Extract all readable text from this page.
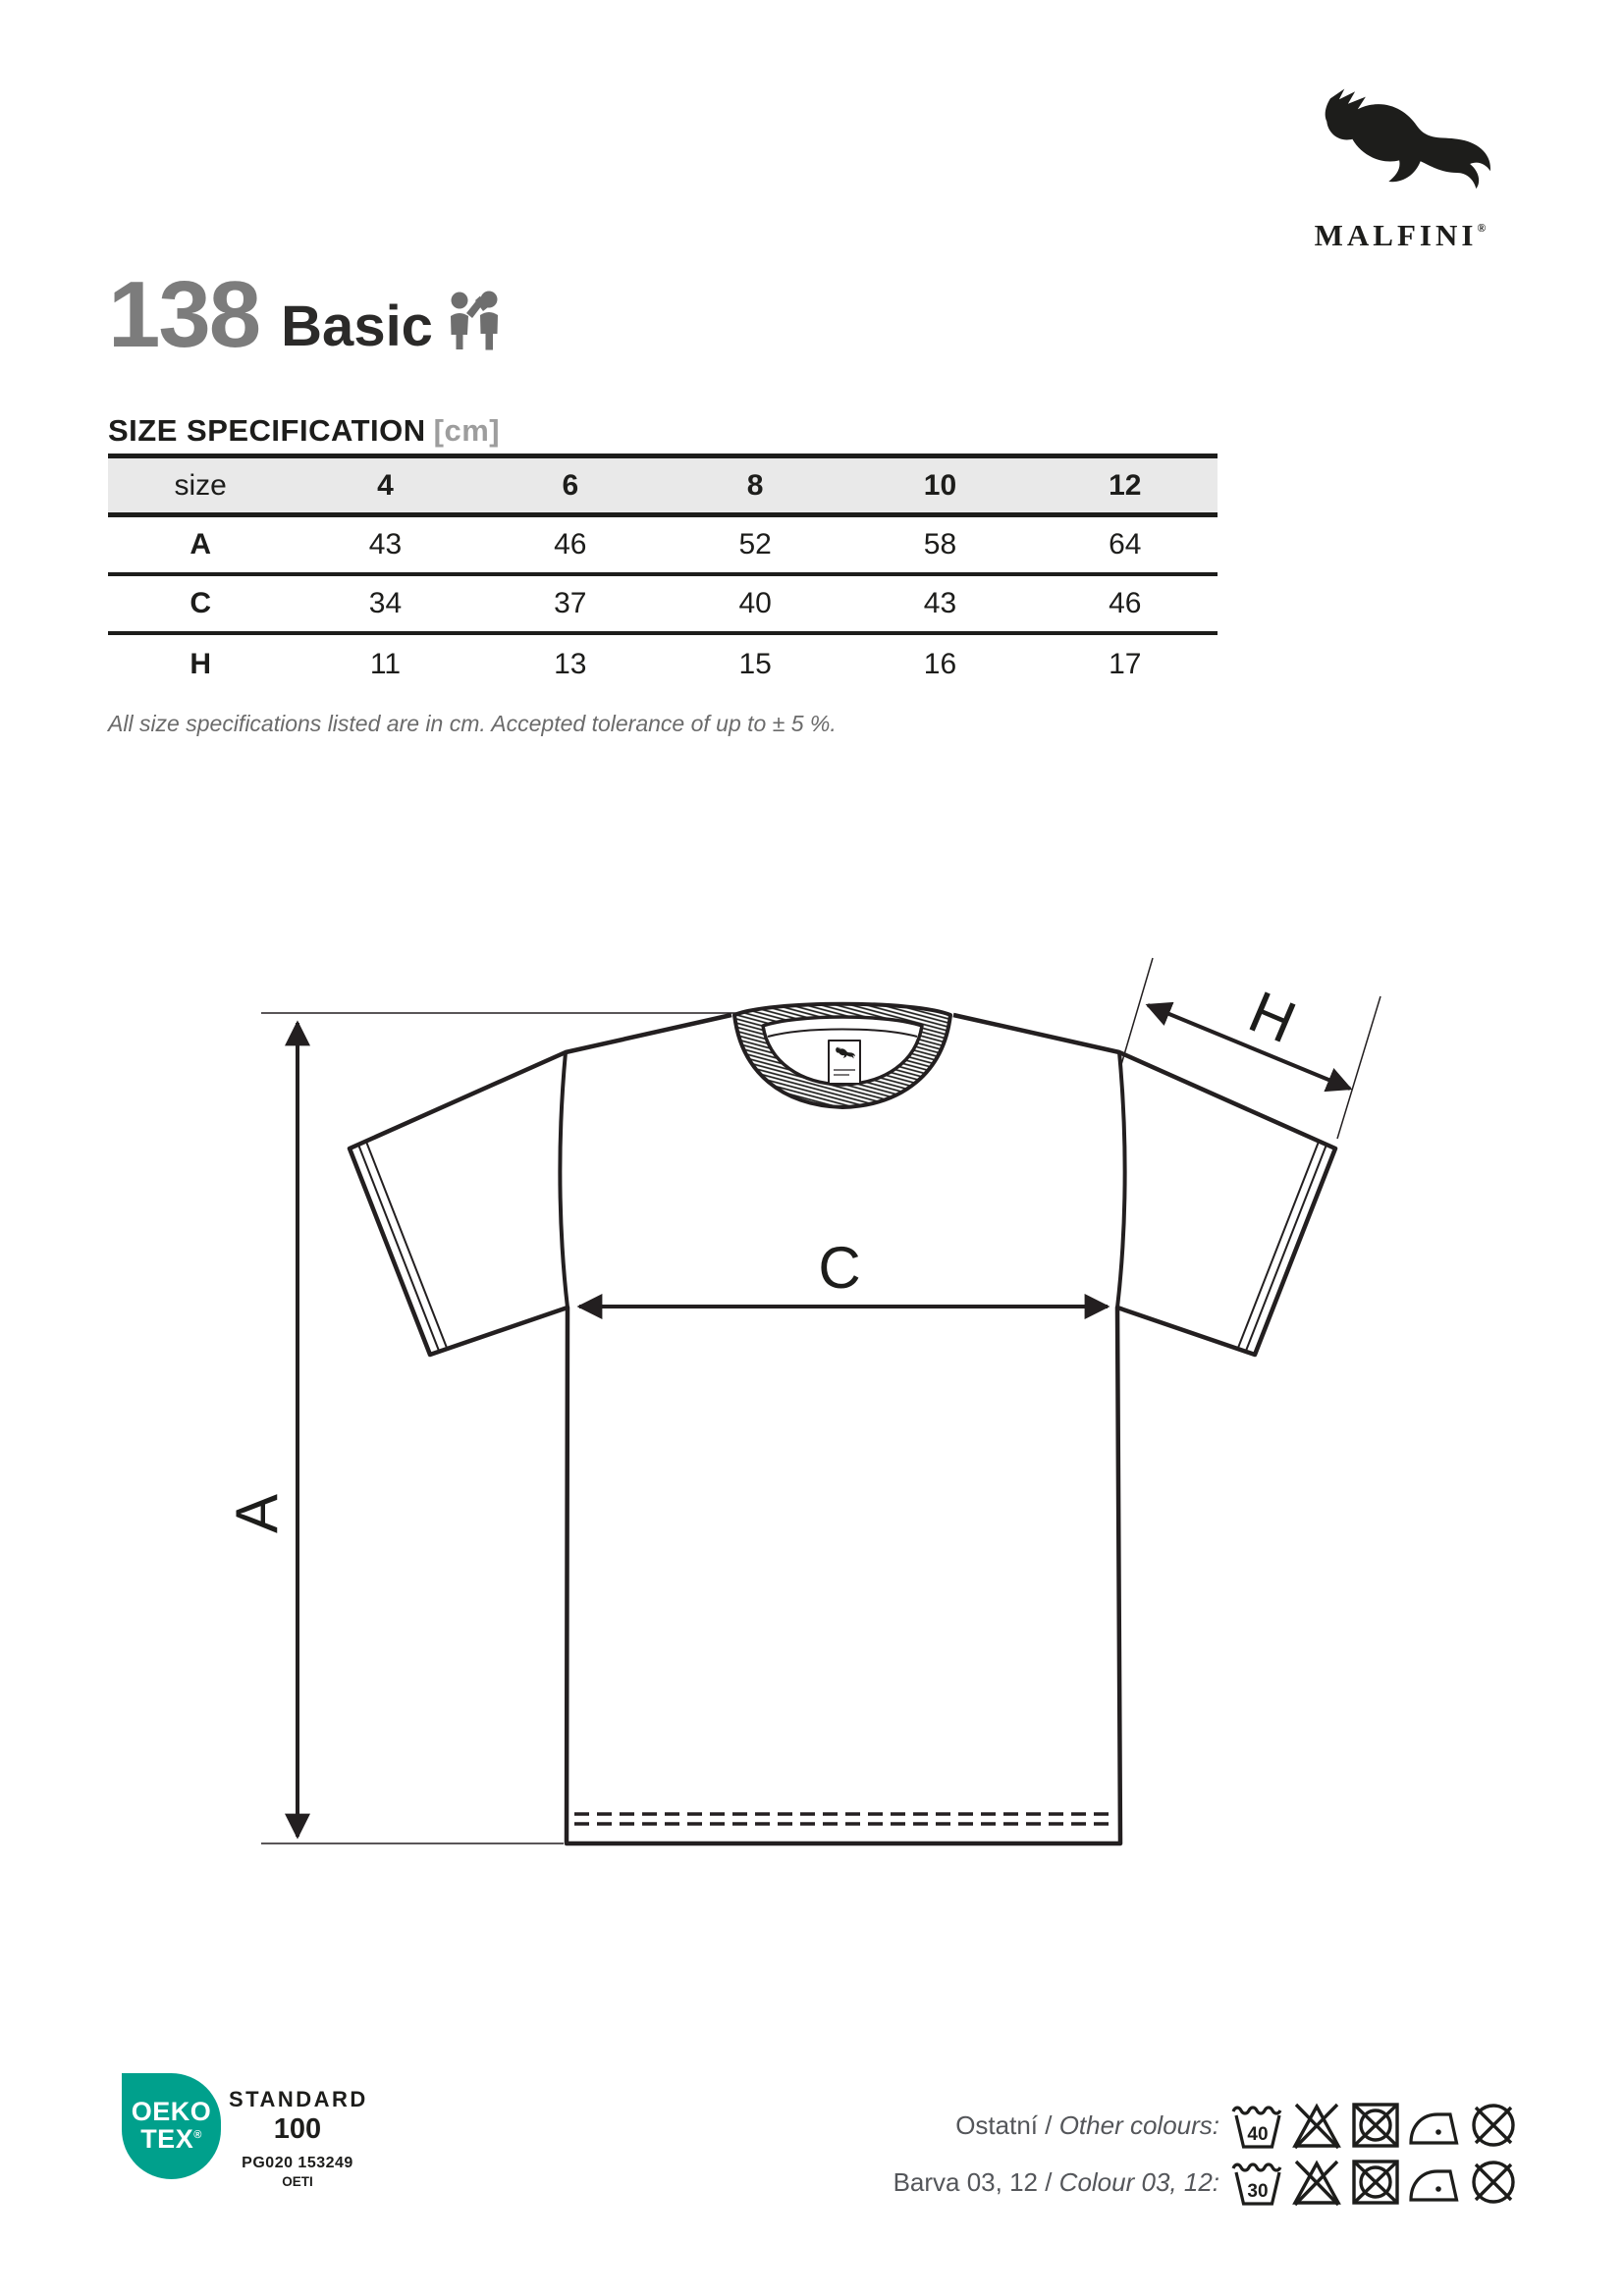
MALFINI®
138 Basic
SIZE SPECIFICATION [cm]
size	4	6	8	10	12
A	43	46	52	58	64
C	34	37	40	43	46
H	11	13	15	16	17
All size specifications listed are in cm. Accepted tolerance of up to ± 5 %.
A
C
H
OEKO
TEX®
STANDARD
100
PG020 153249
OETI
Ostatní / Other colours: 40
Barva 03, 12 / Colour 03, 12: 30
